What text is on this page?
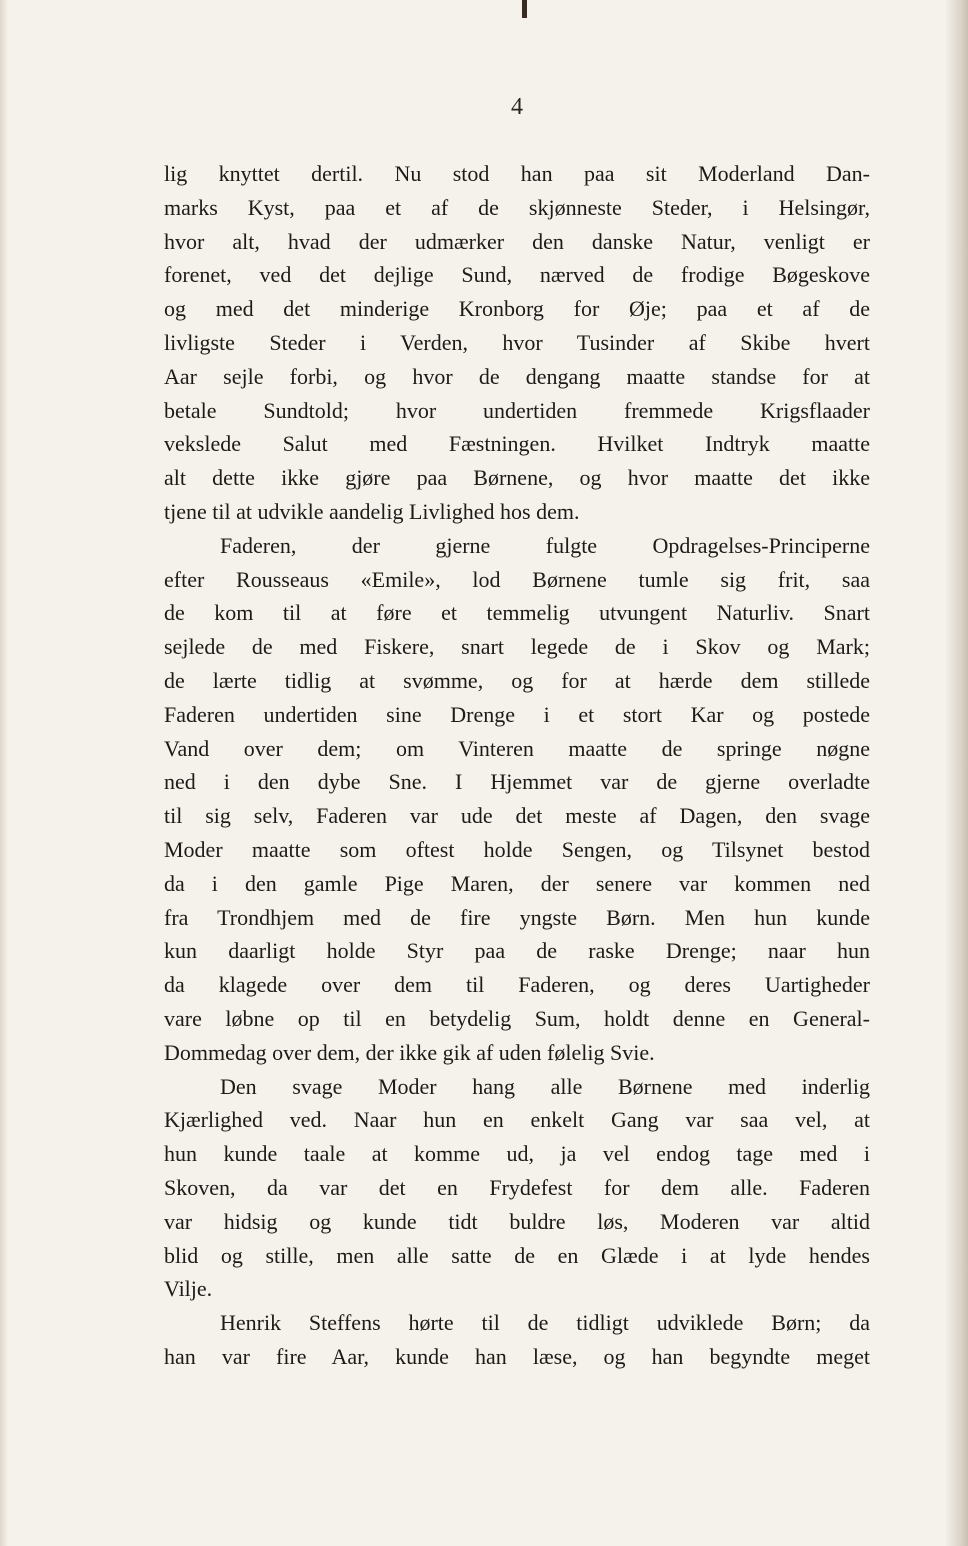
4

lig knyttet dertil. Nu stod han paa sit Moderland Dan-
marks Kyst, paa et af de skjønneste Steder, i Helsingør,
hvor alt, hvad der udmærker den danske Natur, venligt er
forenet, ved det dejlige Sund, nærved de frodige Bøgeskove
og med det minderige Kronborg for Øje; paa et af de
livligste Steder i Verden, hvor Tusinder af Skibe hvert
Aar sejle forbi, og hvor de dengang maatte standse for at
betale Sundtold; hvor undertiden fremmede Krigsflaader
vekslede Salut med Fæstningen. Hvilket Indtryk maatte
alt dette ikke gjøre paa Børnene, og hvor maatte det ikke
tjene til at udvikle aandelig Livlighed hos dem.

Faderen, der gjerne fulgte Opdragelses-Principerne
efter Rousseaus «Emile», lod Børnene tumle sig frit, saa
de kom til at føre et temmelig utvungent Naturliv. Snart
sejlede de med Fiskere, snart legede de i Skov og Mark;
de lærte tidlig at svømme, og for at hærde dem stillede
Faderen undertiden sine Drenge i et stort Kar og postede
Vand over dem; om Vinteren maatte de springe nøgne
ned i den dybe Sne. I Hjemmet var de gjerne overladte
til sig selv, Faderen var ude det meste af Dagen, den svage
Moder maatte som oftest holde Sengen, og Tilsynet bestod
da i den gamle Pige Maren, der senere var kommen ned
fra Trondhjem med de fire yngste Børn. Men hun kunde
kun daarligt holde Styr paa de raske Drenge; naar hun
da klagede over dem til Faderen, og deres Uartigheder
vare løbne op til en betydelig Sum, holdt denne en General-
Dommedag over dem, der ikke gik af uden følelig Svie.

Den svage Moder hang alle Børnene med inderlig
Kjærlighed ved. Naar hun en enkelt Gang var saa vel, at
hun kunde taale at komme ud, ja vel endog tage med i
Skoven, da var det en Frydefest for dem alle. Faderen
var hidsig og kunde tidt buldre løs, Moderen var altid
blid og stille, men alle satte de en Glæde i at lyde hendes
Vilje.

Henrik Steffens hørte til de tidligt udviklede Børn; da
han var fire Aar, kunde han læse, og han begyndte meget
